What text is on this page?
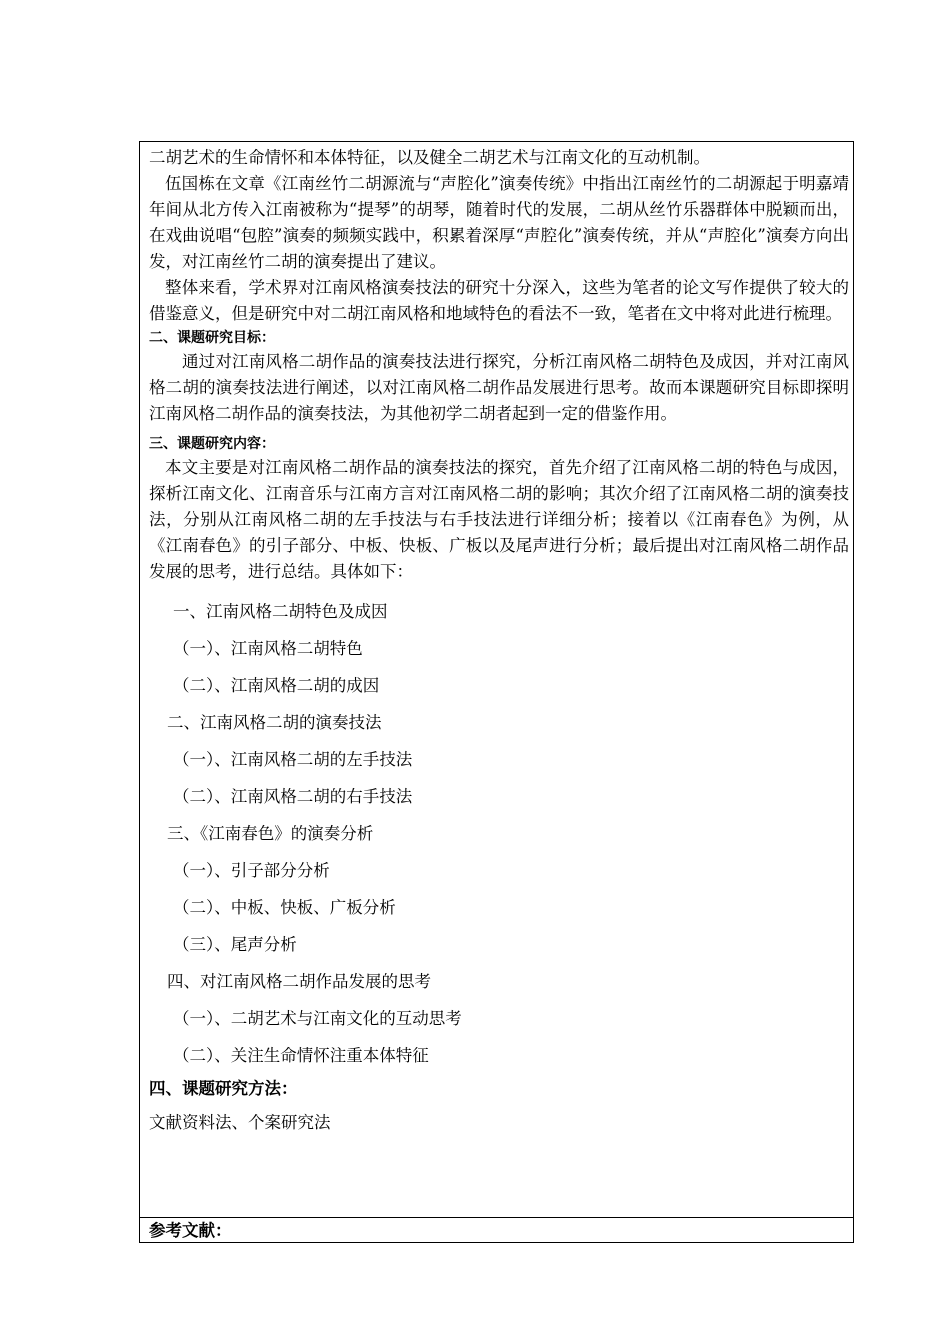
二胡艺术的生命情怀和本体特征，以及健全二胡艺术与江南文化的互动机制。

伍国栋在文章《江南丝竹二胡源流与“声腔化”演奏传统》中指出江南丝竹的二胡源起于明嘉靖年间从北方传入江南被称为“提琴”的胡琴，随着时代的发展，二胡从丝竹乐器群体中脱颖而出，在戏曲说唱“包腔”演奏的频频实践中，积累着深厚“声腔化”演奏传统，并从“声腔化”演奏方向出发，对江南丝竹二胡的演奏提出了建议。

整体来看，学术界对江南风格演奏技法的研究十分深入，这些为笔者的论文写作提供了较大的借鉴意义，但是研究中对二胡江南风格和地域特色的看法不一致，笔者在文中将对此进行梳理。

二、课题研究目标：

通过对江南风格二胡作品的演奏技法进行探究，分析江南风格二胡特色及成因，并对江南风格二胡的演奏技法进行阐述，以对江南风格二胡作品发展进行思考。故而本课题研究目标即探明江南风格二胡作品的演奏技法，为其他初学二胡者起到一定的借鉴作用。

三、课题研究内容：

本文主要是对江南风格二胡作品的演奏技法的探究，首先介绍了江南风格二胡的特色与成因，探析江南文化、江南音乐与江南方言对江南风格二胡的影响；其次介绍了江南风格二胡的演奏技法，分别从江南风格二胡的左手技法与右手技法进行详细分析；接着以《江南春色》为例，从《江南春色》的引子部分、中板、快板、广板以及尾声进行分析；最后提出对江南风格二胡作品发展的思考，进行总结。具体如下：

一、江南风格二胡特色及成因
（一）、江南风格二胡特色
（二）、江南风格二胡的成因
二、江南风格二胡的演奏技法
（一）、江南风格二胡的左手技法
（二）、江南风格二胡的右手技法
三、《江南春色》的演奏分析
（一）、引子部分分析
（二）、中板、快板、广板分析
（三）、尾声分析
四、对江南风格二胡作品发展的思考
（一）、二胡艺术与江南文化的互动思考
（二）、关注生命情怀注重本体特征
四、课题研究方法：
文献资料法、个案研究法
参考文献：
